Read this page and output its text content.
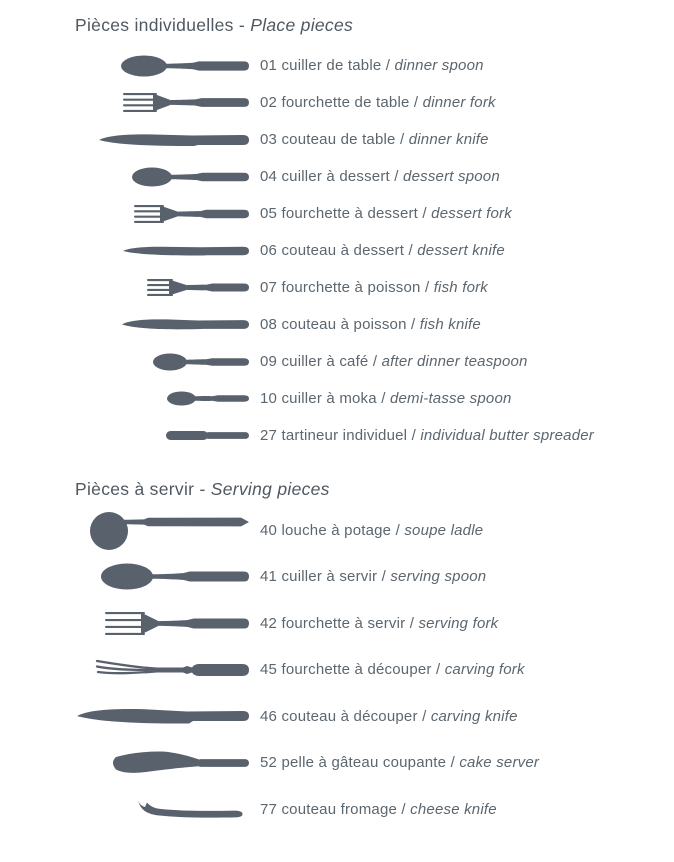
Pièces individuelles - Place pieces
01 cuiller de table / dinner spoon
02 fourchette de table / dinner fork
03 couteau de table / dinner knife
04 cuiller à dessert / dessert spoon
05 fourchette à dessert / dessert fork
06 couteau à dessert / dessert knife
07 fourchette à poisson / fish fork
08 couteau à poisson / fish knife
09 cuiller à café / after dinner teaspoon
10 cuiller à moka / demi-tasse spoon
27 tartineur individuel / individual butter spreader
Pièces à servir - Serving pieces
40 louche à potage / soupe ladle
41 cuiller à servir / serving spoon
42 fourchette à servir / serving fork
45 fourchette à découper / carving fork
46 couteau à découper / carving knife
52 pelle à gâteau coupante / cake server
77 couteau fromage / cheese knife
